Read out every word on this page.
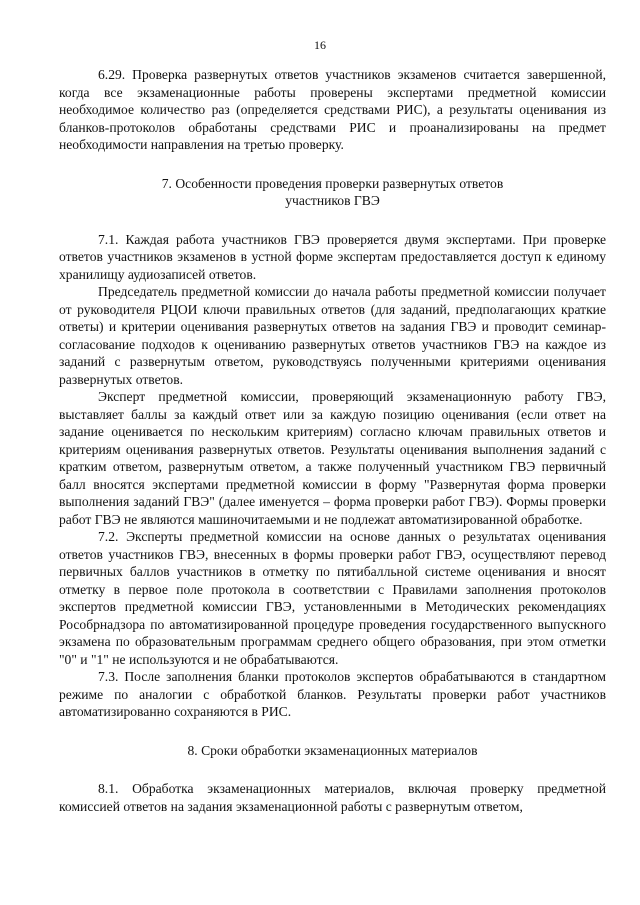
16

6.29. Проверка развернутых ответов участников экзаменов считается завершенной, когда все экзаменационные работы проверены экспертами предметной комиссии необходимое количество раз (определяется средствами РИС), а результаты оценивания из бланков-протоколов обработаны средствами РИС и проанализированы на предмет необходимости направления на третью проверку.

7. Особенности проведения проверки развернутых ответов
участников ГВЭ

7.1. Каждая работа участников ГВЭ проверяется двумя экспертами. При проверке ответов участников экзаменов в устной форме экспертам предоставляется доступ к единому хранилищу аудиозаписей ответов.

Председатель предметной комиссии до начала работы предметной комиссии получает от руководителя РЦОИ ключи правильных ответов (для заданий, предполагающих краткие ответы) и критерии оценивания развернутых ответов на задания ГВЭ и проводит семинар-согласование подходов к оцениванию развернутых ответов участников ГВЭ на каждое из заданий с развернутым ответом, руководствуясь полученными критериями оценивания развернутых ответов.

Эксперт предметной комиссии, проверяющий экзаменационную работу ГВЭ, выставляет баллы за каждый ответ или за каждую позицию оценивания (если ответ на задание оценивается по нескольким критериям) согласно ключам правильных ответов и критериям оценивания развернутых ответов. Результаты оценивания выполнения заданий с кратким ответом, развернутым ответом, а также полученный участником ГВЭ первичный балл вносятся экспертами предметной комиссии в форму "Развернутая форма проверки выполнения заданий ГВЭ" (далее именуется – форма проверки работ ГВЭ). Формы проверки работ ГВЭ не являются машиночитаемыми и не подлежат автоматизированной обработке.

7.2. Эксперты предметной комиссии на основе данных о результатах оценивания ответов участников ГВЭ, внесенных в формы проверки работ ГВЭ, осуществляют перевод первичных баллов участников в отметку по пятибалльной системе оценивания и вносят отметку в первое поле протокола в соответствии с Правилами заполнения протоколов экспертов предметной комиссии ГВЭ, установленными в Методических рекомендациях Рособрнадзора по автоматизированной процедуре проведения государственного выпускного экзамена по образовательным программам среднего общего образования, при этом отметки "0" и "1" не используются и не обрабатываются.

7.3. После заполнения бланки протоколов экспертов обрабатываются в стандартном режиме по аналогии с обработкой бланков. Результаты проверки работ участников автоматизированно сохраняются в РИС.

8. Сроки обработки экзаменационных материалов

8.1. Обработка экзаменационных материалов, включая проверку предметной комиссией ответов на задания экзаменационной работы с развернутым ответом,
